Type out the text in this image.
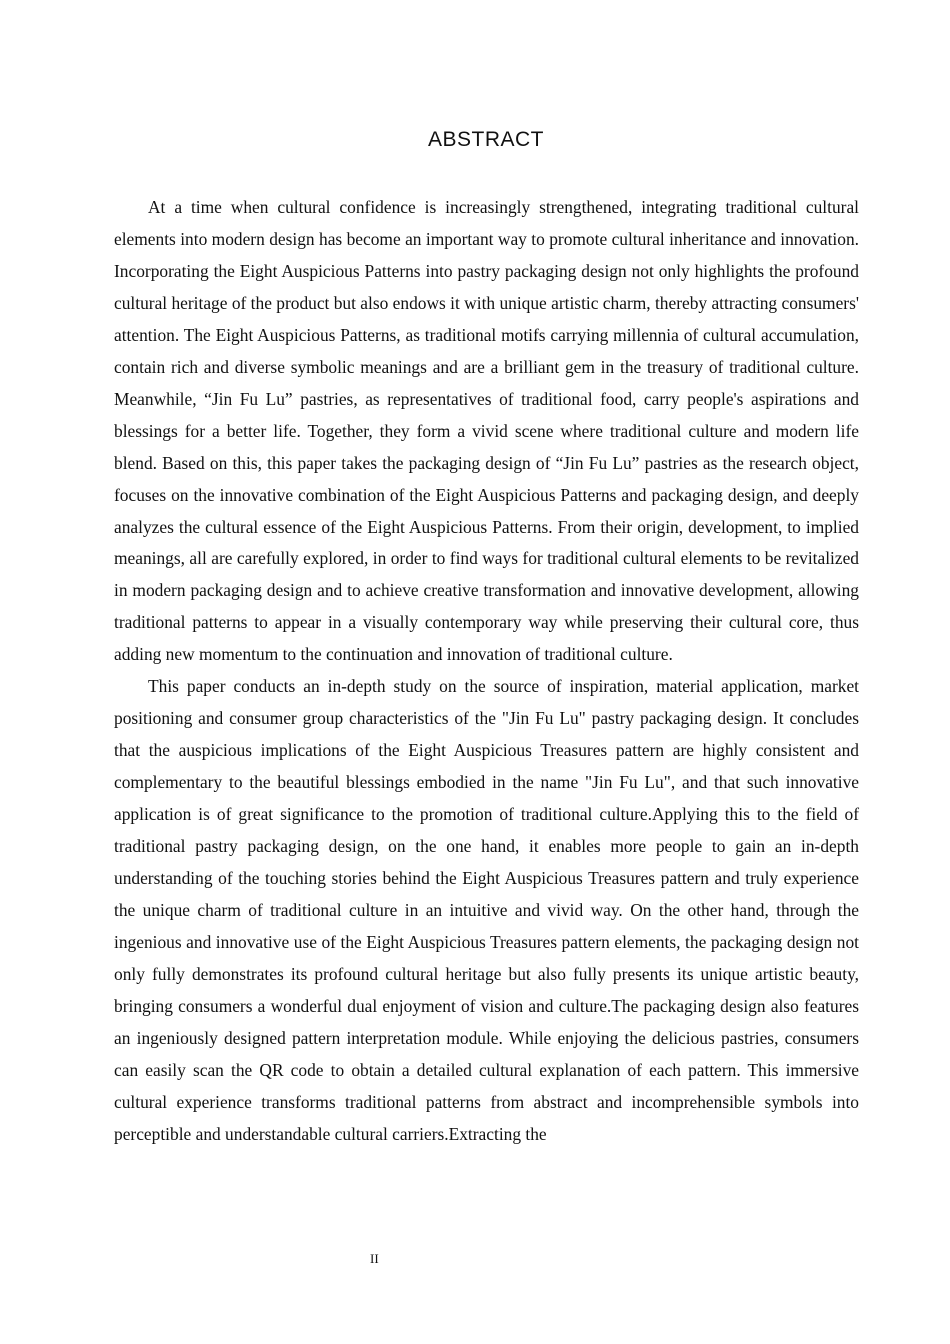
ABSTRACT

At a time when cultural confidence is increasingly strengthened, integrating traditional cultural elements into modern design has become an important way to promote cultural inheritance and innovation. Incorporating the Eight Auspicious Patterns into pastry packaging design not only highlights the profound cultural heritage of the product but also endows it with unique artistic charm, thereby attracting consumers' attention. The Eight Auspicious Patterns, as traditional motifs carrying millennia of cultural accumulation, contain rich and diverse symbolic meanings and are a brilliant gem in the treasury of traditional culture. Meanwhile, “Jin Fu Lu” pastries, as representatives of traditional food, carry people's aspirations and blessings for a better life. Together, they form a vivid scene where traditional culture and modern life blend. Based on this, this paper takes the packaging design of “Jin Fu Lu” pastries as the research object, focuses on the innovative combination of the Eight Auspicious Patterns and packaging design, and deeply analyzes the cultural essence of the Eight Auspicious Patterns. From their origin, development, to implied meanings, all are carefully explored, in order to find ways for traditional cultural elements to be revitalized in modern packaging design and to achieve creative transformation and innovative development, allowing traditional patterns to appear in a visually contemporary way while preserving their cultural core, thus adding new momentum to the continuation and innovation of traditional culture.

This paper conducts an in-depth study on the source of inspiration, material application, market positioning and consumer group characteristics of the "Jin Fu Lu" pastry packaging design. It concludes that the auspicious implications of the Eight Auspicious Treasures pattern are highly consistent and complementary to the beautiful blessings embodied in the name "Jin Fu Lu", and that such innovative application is of great significance to the promotion of traditional culture.Applying this to the field of traditional pastry packaging design, on the one hand, it enables more people to gain an in-depth understanding of the touching stories behind the Eight Auspicious Treasures pattern and truly experience the unique charm of traditional culture in an intuitive and vivid way. On the other hand, through the ingenious and innovative use of the Eight Auspicious Treasures pattern elements, the packaging design not only fully demonstrates its profound cultural heritage but also fully presents its unique artistic beauty, bringing consumers a wonderful dual enjoyment of vision and culture.The packaging design also features an ingeniously designed pattern interpretation module. While enjoying the delicious pastries, consumers can easily scan the QR code to obtain a detailed cultural explanation of each pattern. This immersive cultural experience transforms traditional patterns from abstract and incomprehensible symbols into perceptible and understandable cultural carriers.Extracting the

II
